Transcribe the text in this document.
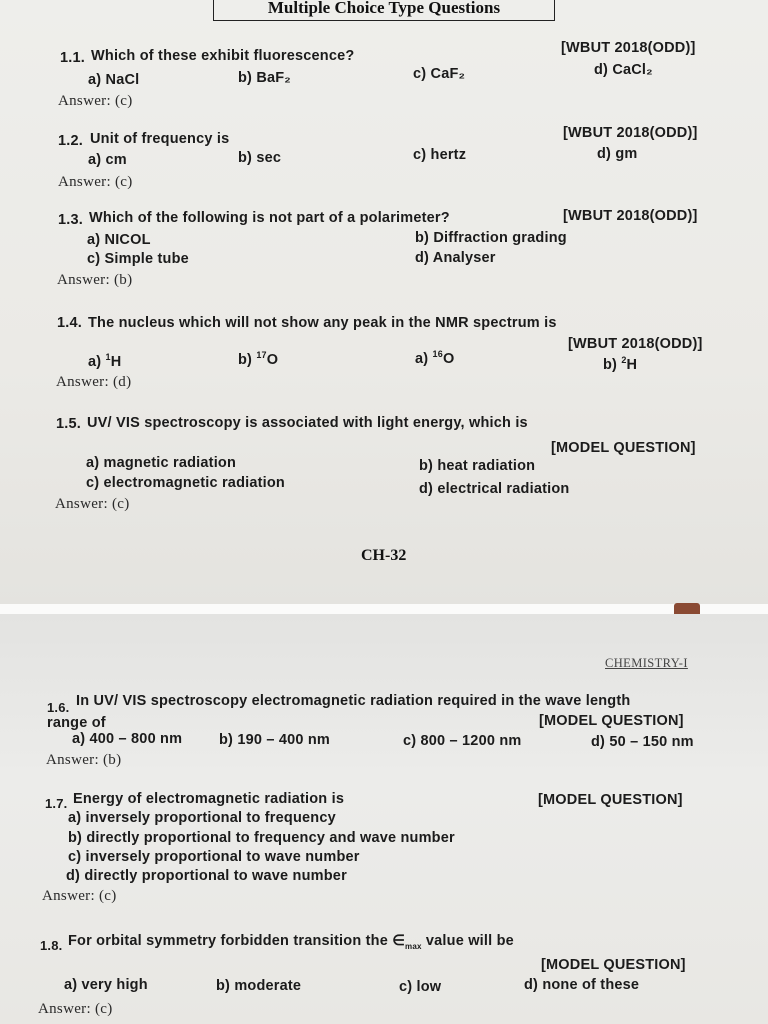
Multiple Choice Type Questions
1.1. Which of these exhibit fluorescence?	[WBUT 2018(ODD)]
a) NaCl	b) BaF₂	c) CaF₂	d) CaCl₂
Answer: (c)
1.2. Unit of frequency is	[WBUT 2018(ODD)]
a) cm	b) sec	c) hertz	d) gm
Answer: (c)
1.3. Which of the following is not part of a polarimeter?	[WBUT 2018(ODD)]
a) NICOL	b) Diffraction grading
c) Simple tube	d) Analyser
Answer: (b)
1.4. The nucleus which will not show any peak in the NMR spectrum is
[WBUT 2018(ODD)]
a) $^1$H	b) $^{17}$O	a) $^{16}$O	b) $^2$H
Answer: (d)
1.5. UV/ VIS spectroscopy is associated with light energy, which is
[MODEL QUESTION]
a) magnetic radiation	b) heat radiation
c) electromagnetic radiation	d) electrical radiation
Answer: (c)
CH-32
CHEMISTRY-I
1.6. In UV/ VIS spectroscopy electromagnetic radiation required in the wave length
range of	[MODEL QUESTION]
a) 400 – 800 nm	b) 190 – 400 nm	c) 800 – 1200 nm	d) 50 – 150 nm
Answer: (b)
1.7. Energy of electromagnetic radiation is	[MODEL QUESTION]
a) inversely proportional to frequency
b) directly proportional to frequency and wave number
c) inversely proportional to wave number
d) directly proportional to wave number
Answer: (c)
1.8. For orbital symmetry forbidden transition the $\in_{max}$ value will be
[MODEL QUESTION]
a) very high	b) moderate	c) low	d) none of these
Answer: (c)
